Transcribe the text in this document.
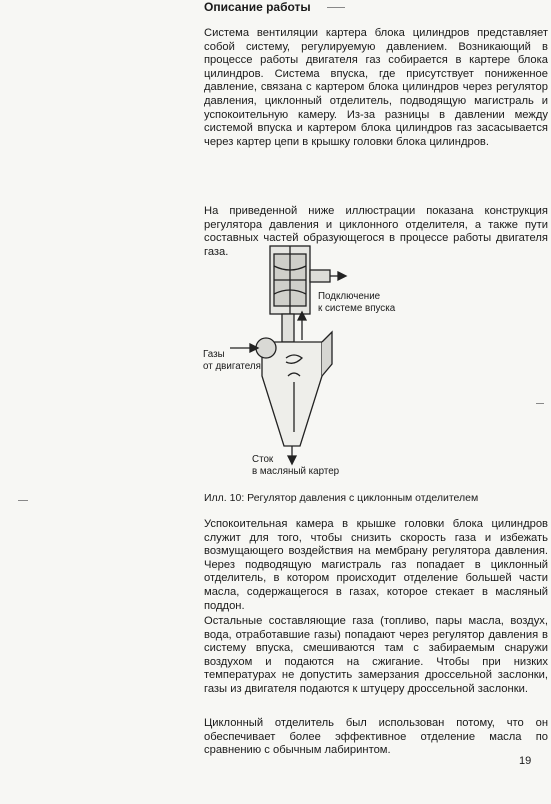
Описание работы
Система вентиляции картера блока цилиндров представляет собой систему, регулируемую давлением. Возникающий в процессе работы двигателя газ собирается в картере блока цилиндров. Система впуска, где присутствует пониженное давление, связана с картером блока цилиндров через регулятор давления, циклонный отделитель, подводящую магистраль и успокоительную камеру. Из-за разницы в давлении между системой впуска и картером блока цилиндров газ засасывается через картер цепи в крышку головки блока цилиндров.
На приведенной ниже иллюстрации показана конструкция регулятора давления и циклонного отделителя, а также пути составных частей образующегося в процессе работы двигателя газа.
Подключение
к системе впуска
Газы
от двигателя
Сток
в масляный картер
Илл. 10: Регулятор давления с циклонным отделителем
Успокоительная камера в крышке головки блока цилиндров служит для того, чтобы снизить скорость газа и избежать возмущающего воздействия на мембрану регулятора давления. Через подводящую магистраль газ попадает в циклонный отделитель, в котором происходит отделение большей части масла, содержащегося в газах, которое стекает в масляный поддон.
Остальные составляющие газа (топливо, пары масла, воздух, вода, отработавшие газы) попадают через регулятор давления в систему впуска, смешиваются там с забираемым снаружи воздухом и подаются на сжигание. Чтобы при низких температурах не допустить замерзания дроссельной заслонки, газы из двигателя подаются к штуцеру дроссельной заслонки.
Циклонный отделитель был использован потому, что он обеспечивает более эффективное отделение масла по сравнению с обычным лабиринтом.
19
